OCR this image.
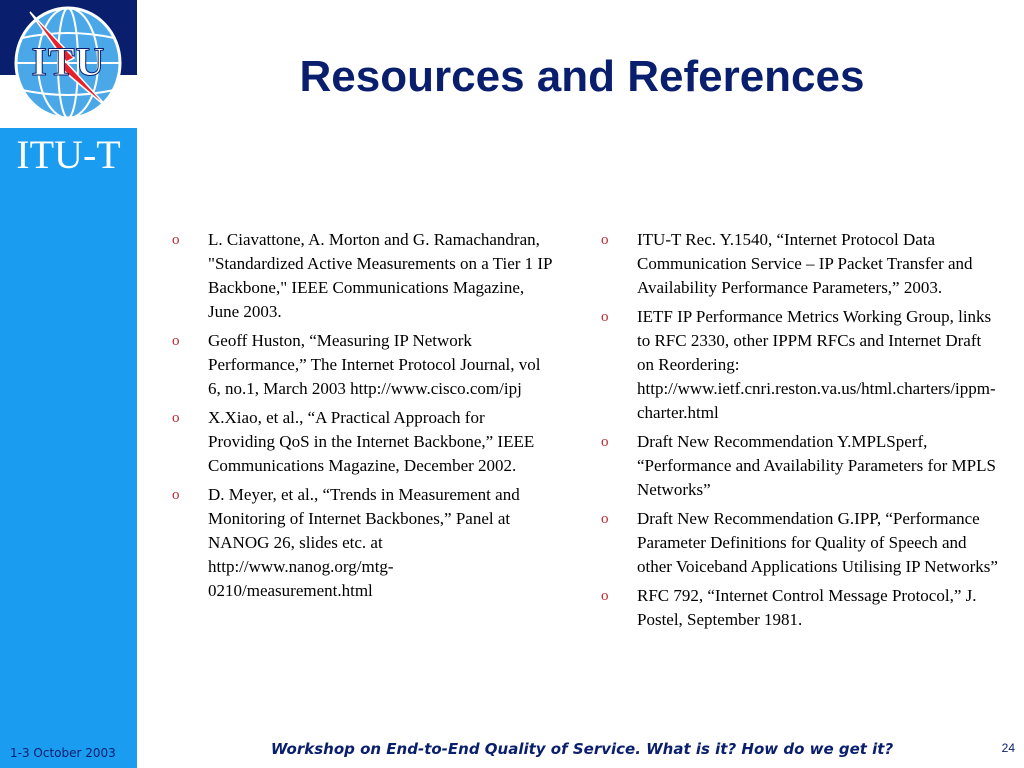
ITU
ITU-T
1-3 October 2003
Resources and References
o L. Ciavattone, A. Morton and G. Ramachandran, "Standardized Active Measurements on a Tier 1 IP Backbone," IEEE Communications Magazine, June 2003.
o Geoff Huston, “Measuring IP Network Performance,” The Internet Protocol Journal, vol 6, no.1, March 2003 http://www.cisco.com/ipj
o X.Xiao, et al., “A Practical Approach for Providing QoS in the Internet Backbone,” IEEE Communications Magazine, December 2002.
o D. Meyer, et al., “Trends in Measurement and Monitoring of Internet Backbones,” Panel at NANOG 26, slides etc. at http://www.nanog.org/mtg-0210/measurement.html
o ITU-T Rec. Y.1540, “Internet Protocol Data Communication Service – IP Packet Transfer and Availability Performance Parameters,” 2003.
o IETF IP Performance Metrics Working Group, links to RFC 2330, other IPPM RFCs and Internet Draft on Reordering: http://www.ietf.cnri.reston.va.us/html.charters/ippm-charter.html
o Draft New Recommendation Y.MPLSperf, “Performance and Availability Parameters for MPLS Networks”
o Draft New Recommendation G.IPP, “Performance Parameter Definitions for Quality of Speech and other Voiceband Applications Utilising IP Networks”
o RFC 792, “Internet Control Message Protocol,” J. Postel, September 1981.
Workshop on End-to-End Quality of Service. What is it? How do we get it?	24
